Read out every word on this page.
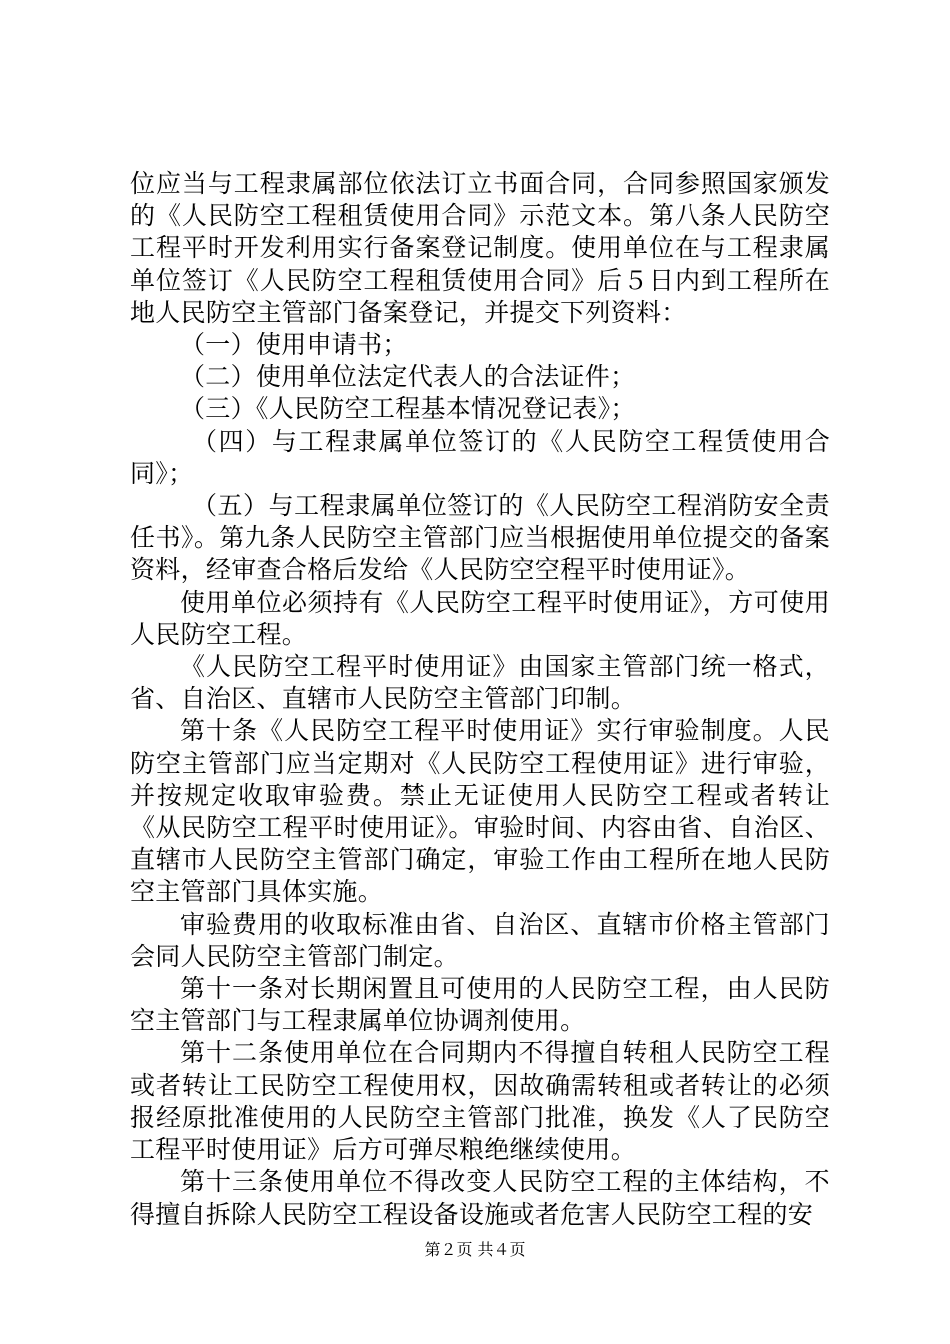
位应当与工程隶属部位依法订立书面合同，合同参照国家颁发的《人民防空工程租赁使用合同》示范文本。第八条人民防空工程平时开发利用实行备案登记制度。使用单位在与工程隶属单位签订《人民防空工程租赁使用合同》后５日内到工程所在地人民防空主管部门备案登记，并提交下列资料：

（一）使用申请书；

（二）使用单位法定代表人的合法证件；

（三）《人民防空工程基本情况登记表》；

（四）与工程隶属单位签订的《人民防空工程赁使用合同》；

（五）与工程隶属单位签订的《人民防空工程消防安全责任书》。第九条人民防空主管部门应当根据使用单位提交的备案资料，经审查合格后发给《人民防空空程平时使用证》。

使用单位必须持有《人民防空工程平时使用证》，方可使用人民防空工程。

《人民防空工程平时使用证》由国家主管部门统一格式，省、自治区、直辖市人民防空主管部门印制。

第十条《人民防空工程平时使用证》实行审验制度。人民防空主管部门应当定期对《人民防空工程使用证》进行审验，并按规定收取审验费。禁止无证使用人民防空工程或者转让《从民防空工程平时使用证》。审验时间、内容由省、自治区、直辖市人民防空主管部门确定，审验工作由工程所在地人民防空主管部门具体实施。

审验费用的收取标准由省、自治区、直辖市价格主管部门会同人民防空主管部门制定。

第十一条对长期闲置且可使用的人民防空工程，由人民防空主管部门与工程隶属单位协调剂使用。

第十二条使用单位在合同期内不得擅自转租人民防空工程或者转让工民防空工程使用权，因故确需转租或者转让的必须报经原批准使用的人民防空主管部门批准，换发《人了民防空工程平时使用证》后方可弹尽粮绝继续使用。

第十三条使用单位不得改变人民防空工程的主体结构，不得擅自拆除人民防空工程设备设施或者危害人民防空工程的安

第２页 共４页
